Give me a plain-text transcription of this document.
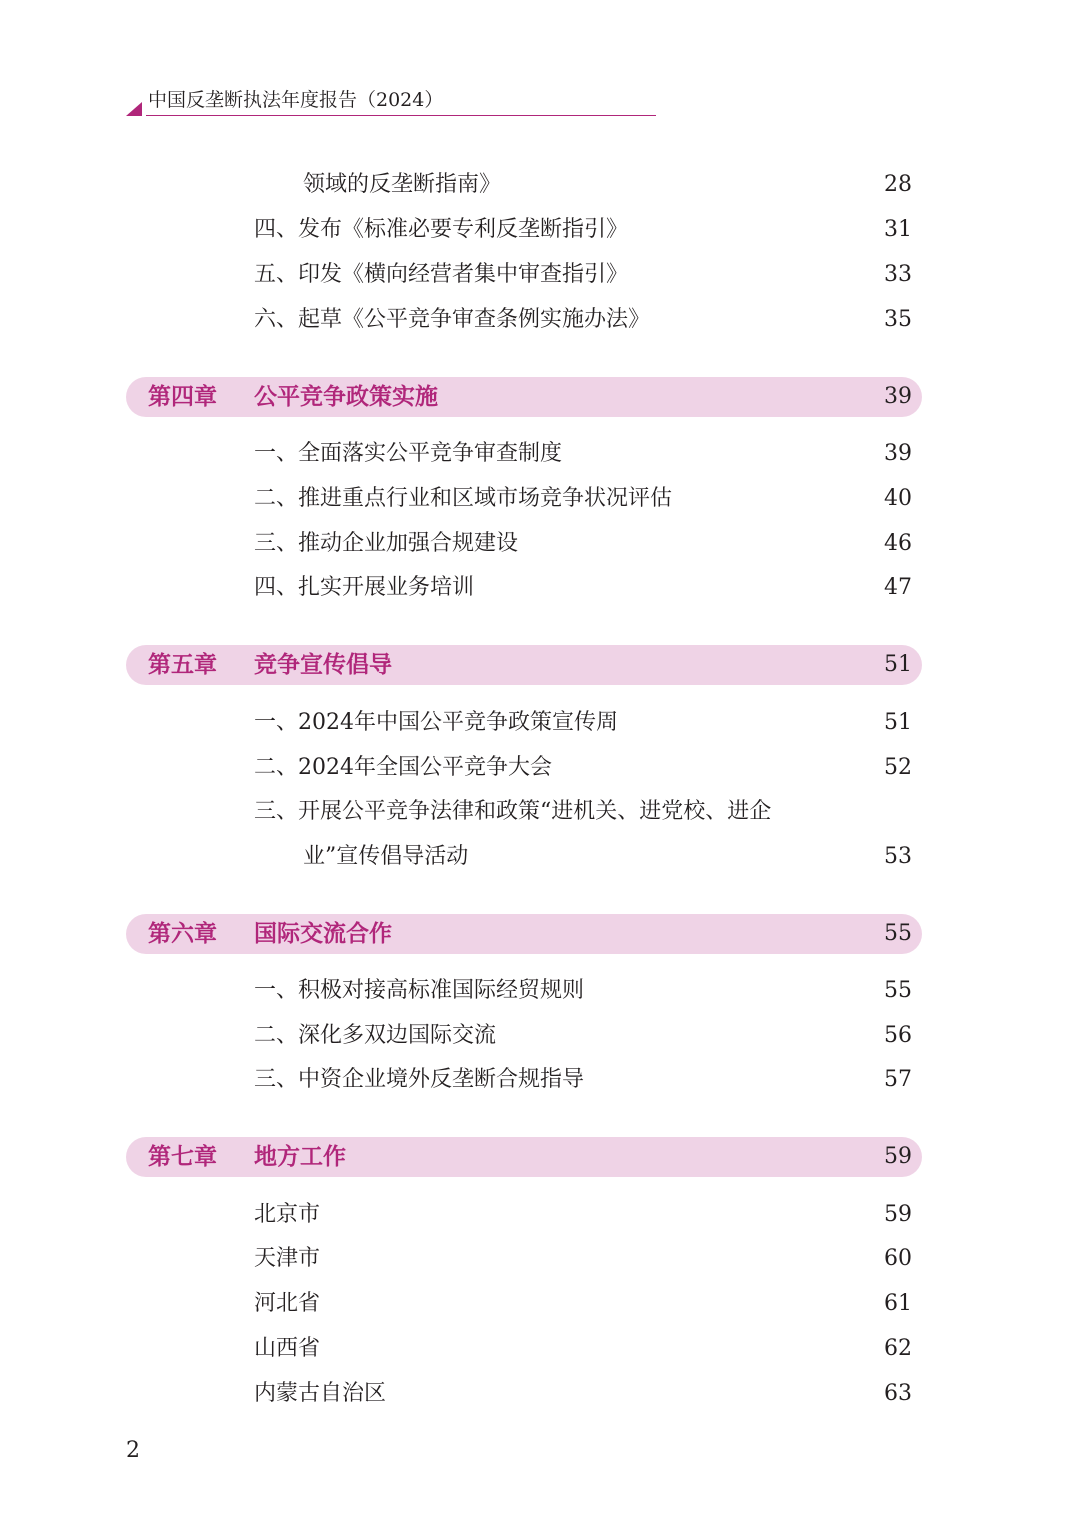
中国反垄断执法年度报告（2024）
领域的反垄断指南》	28
四、发布《标准必要专利反垄断指引》	31
五、印发《横向经营者集中审查指引》	33
六、起草《公平竞争审查条例实施办法》	35
第四章 公平竞争政策实施	39
一、全面落实公平竞争审查制度	39
二、推进重点行业和区域市场竞争状况评估	40
三、推动企业加强合规建设	46
四、扎实开展业务培训	47
第五章 竞争宣传倡导	51
一、2024年中国公平竞争政策宣传周	51
二、2024年全国公平竞争大会	52
三、开展公平竞争法律和政策“进机关、进党校、进企
业”宣传倡导活动	53
第六章 国际交流合作	55
一、积极对接高标准国际经贸规则	55
二、深化多双边国际交流	56
三、中资企业境外反垄断合规指导	57
第七章 地方工作	59
北京市	59
天津市	60
河北省	61
山西省	62
内蒙古自治区	63
2
